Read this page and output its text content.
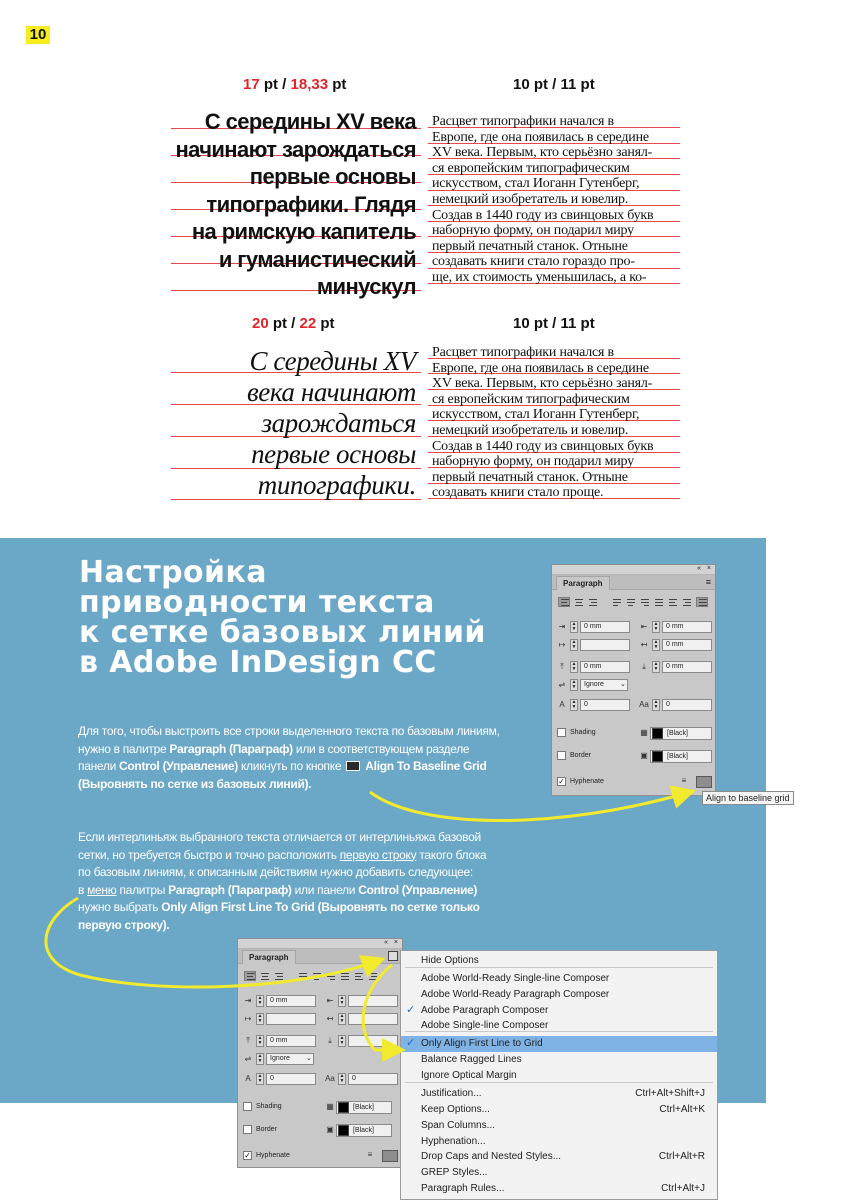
10
17 pt / 18,33 pt	10 pt / 11 pt
С середины XV века
начинают зарождаться
первые основы
типографики. Глядя
на римскую капитель
и гуманистический
минускул
Расцвет типографики начался в
Европе, где она появилась в середине
XV века. Первым, кто серьёзно занял-
ся европейским типографическим
искусством, стал Иоганн Гутенберг,
немецкий изобретатель и ювелир.
Создав в 1440 году из свинцовых букв
наборную форму, он подарил миру
первый печатный станок. Отныне
создавать книги стало гораздо про-
ще, их стоимость уменьшилась, а ко-
20 pt / 22 pt	10 pt / 11 pt
С середины XV
века начинают
зарождаться
первые основы
типографики.
Расцвет типографики начался в
Европе, где она появилась в середине
XV века. Первым, кто серьёзно занял-
ся европейским типографическим
искусством, стал Иоганн Гутенберг,
немецкий изобретатель и ювелир.
Создав в 1440 году из свинцовых букв
наборную форму, он подарил миру
первый печатный станок. Отныне
создавать книги стало проще.
Настройка
приводности текста
к сетке базовых линий
в Adobe InDesign CC
Для того, чтобы выстроить все строки выделенного текста по базовым линиям,
нужно в палитре Paragraph (Параграф) или в соответствующем разделе
панели Control (Управление) кликнуть по кнопке  Align To Baseline Grid
(Выровнять по сетке из базовых линий).
Если интерлиньяж выбранного текста отличается от интерлиньяжа базовой
сетки, но требуется быстро и точно расположить первую строку такого блока
по базовым линиям, к описанным действиям нужно добавить следующее:
в меню палитры Paragraph (Параграф) или панели Control (Управление)
нужно выбрать Only Align First Line To Grid (Выровнять по сетке только
первую строку).
« ×
Paragraph	≡
⇥	▲
▼	0 mm	⇤	▲
▼	0 mm
↦	▲
▼	↤	▲
▼	0 mm
⤒	▲
▼	0 mm	⤓	▲
▼	0 mm
⇌	▲
▼	Ignore	⌄
A	▲
▼	0	Aa ▲
▼	0
Shading	▦	[Black]
Border	▣	[Black]
✓ Hyphenate	≡
Align to baseline grid
« ×
Paragraph
⇥	▲
▼	0 mm	⇤	▲
▼
↦	▲
▼	↤	▲
▼
⤒	▲
▼	0 mm	⤓	▲
▼
⇌	▲
▼	Ignore	⌄
A	▲
▼	0	Aa ▲
▼	0
Shading	▦	[Black]
Border	▣	[Black]
✓ Hyphenate	≡
Hide Options
Adobe World-Ready Single-line Composer
Adobe World-Ready Paragraph Composer
✓ Adobe Paragraph Composer
Adobe Single-line Composer
✓ Only Align First Line to Grid
Balance Ragged Lines
Ignore Optical Margin
Justification...	Ctrl+Alt+Shift+J
Keep Options...	Ctrl+Alt+K
Span Columns...
Hyphenation...
Drop Caps and Nested Styles...	Ctrl+Alt+R
GREP Styles...
Paragraph Rules...	Ctrl+Alt+J
